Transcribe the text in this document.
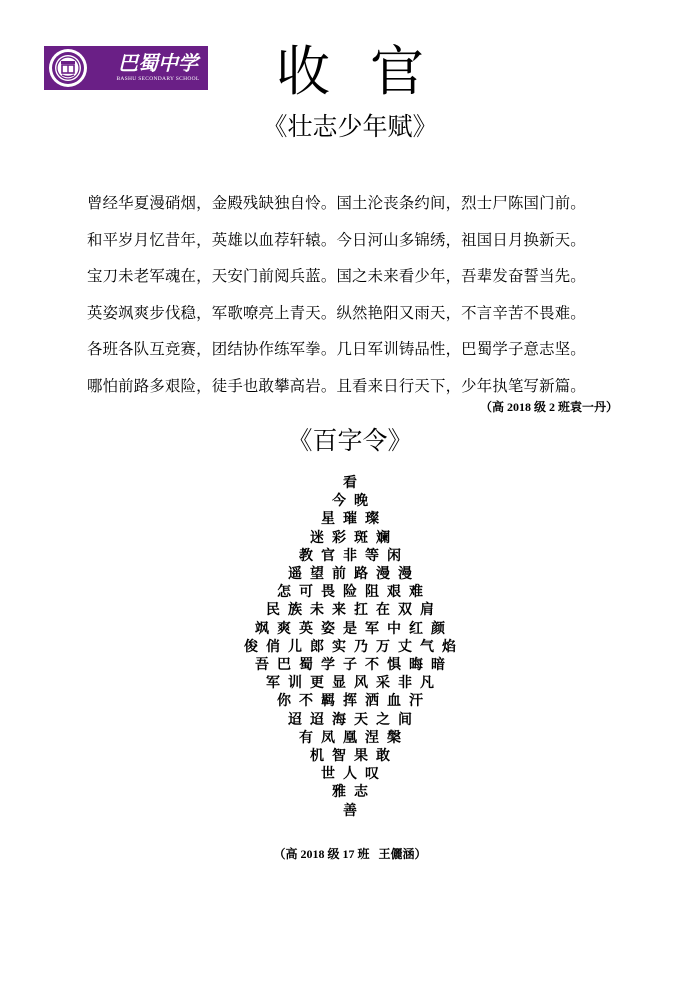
巴蜀中学
BASHU SECONDARY SCHOOL	收官
《壮志少年赋》
曾经华夏漫硝烟，金殿残缺独自怜。国土沦丧条约间，烈士尸陈国门前。
和平岁月忆昔年，英雄以血荐轩辕。今日河山多锦绣，祖国日月换新天。
宝刀未老军魂在，天安门前阅兵蓝。国之未来看少年，吾辈发奋誓当先。
英姿飒爽步伐稳，军歌嘹亮上青天。纵然艳阳又雨天，不言辛苦不畏难。
各班各队互竞赛，团结协作练军拳。几日军训铸品性，巴蜀学子意志坚。
哪怕前路多艰险，徒手也敢攀高岩。且看来日行天下，少年执笔写新篇。
（高 2018 级 2 班袁一丹）
《百字令》
看
今晚
星璀璨
迷彩斑斓
教官非等闲
遥望前路漫漫
怎可畏险阻艰难
民族未来扛在双肩
飒爽英姿是军中红颜
俊俏儿郎实乃万丈气焰
吾巴蜀学子不惧晦暗
军训更显风采非凡
你不羁挥洒血汗
迢迢海天之间
有凤凰涅槃
机智果敢
世人叹
雅志
善
（高 2018 级 17 班   王儷涵）
